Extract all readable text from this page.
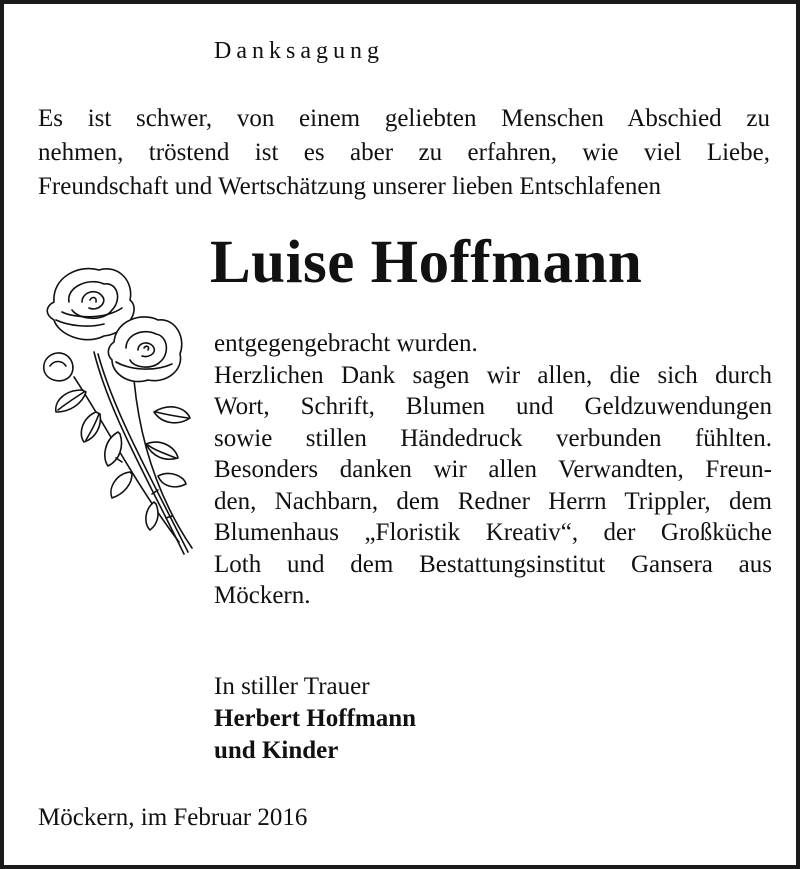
Danksagung

Es ist schwer, von einem geliebten Menschen Abschied zu

nehmen, tröstend ist es aber zu erfahren, wie viel Liebe,

Freundschaft und Wertschätzung unserer lieben Entschlafenen

Luise Hoffmann

entgegengebracht wurden.

Herzlichen Dank sagen wir allen, die sich durch

Wort, Schrift, Blumen und Geldzuwendungen

sowie stillen Händedruck verbunden fühlten.

Besonders danken wir allen Verwandten, Freun-

den, Nachbarn, dem Redner Herrn Trippler, dem

Blumenhaus „Floristik Kreativ“, der Großküche

Loth und dem Bestattungsinstitut Gansera aus

Möckern.

In stiller Trauer
Herbert Hoffmann
und Kinder
Möckern, im Februar 2016
